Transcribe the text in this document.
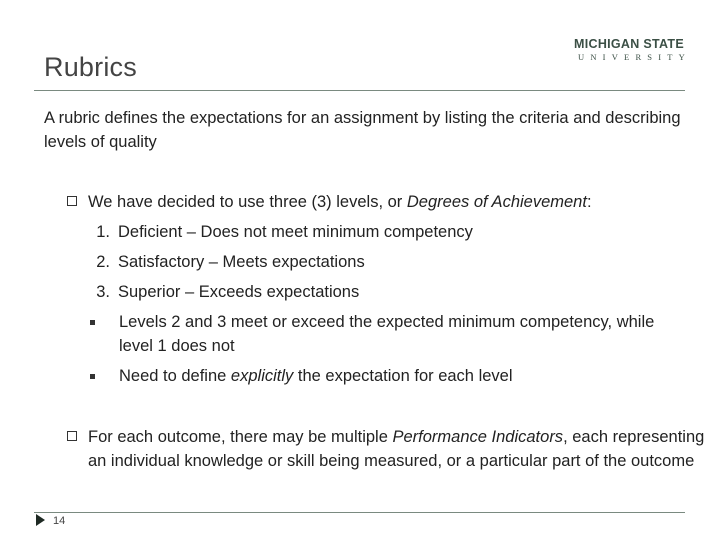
Rubrics
MICHIGAN STATE
UNIVERSITY
A rubric defines the expectations for an assignment by listing the criteria and describing levels of quality
We have decided to use three (3) levels, or Degrees of Achievement:
1. Deficient – Does not meet minimum competency
2. Satisfactory – Meets expectations
3. Superior – Exceeds expectations
Levels 2 and 3 meet or exceed the expected minimum competency, while level 1 does not
Need to define explicitly the expectation for each level
For each outcome, there may be multiple Performance Indicators, each representing an individual knowledge or skill being measured, or a particular part of the outcome
14
